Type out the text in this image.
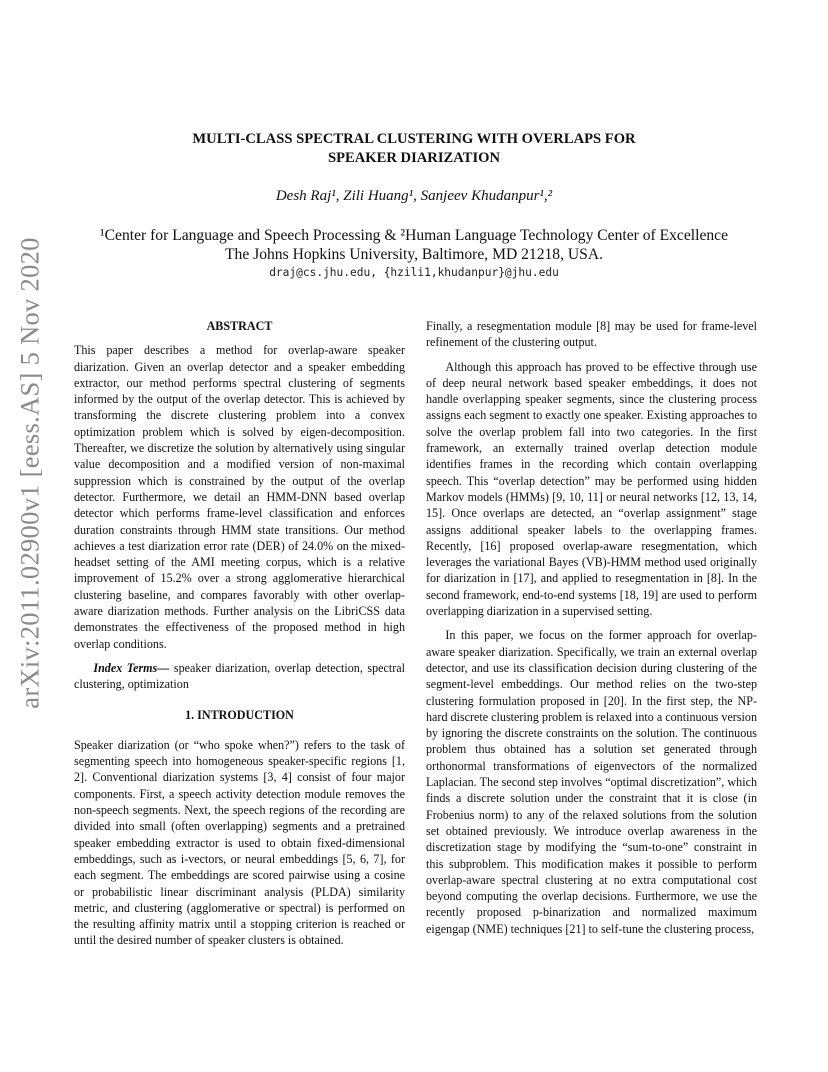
arXiv:2011.02900v1 [eess.AS] 5 Nov 2020
MULTI-CLASS SPECTRAL CLUSTERING WITH OVERLAPS FOR
SPEAKER DIARIZATION
Desh Raj¹, Zili Huang¹, Sanjeev Khudanpur¹,²
¹Center for Language and Speech Processing & ²Human Language Technology Center of Excellence
The Johns Hopkins University, Baltimore, MD 21218, USA.
draj@cs.jhu.edu, {hzili1,khudanpur}@jhu.edu
ABSTRACT

This paper describes a method for overlap-aware speaker diarization. Given an overlap detector and a speaker embedding extractor, our method performs spectral clustering of segments informed by the output of the overlap detector. This is achieved by transforming the discrete clustering problem into a convex optimization problem which is solved by eigen-decomposition. Thereafter, we discretize the solution by alternatively using singular value decomposition and a modified version of non-maximal suppression which is constrained by the output of the overlap detector. Furthermore, we detail an HMM-DNN based overlap detector which performs frame-level classification and enforces duration constraints through HMM state transitions. Our method achieves a test diarization error rate (DER) of 24.0% on the mixed-headset setting of the AMI meeting corpus, which is a relative improvement of 15.2% over a strong agglomerative hierarchical clustering baseline, and compares favorably with other overlap-aware diarization methods. Further analysis on the LibriCSS data demonstrates the effectiveness of the proposed method in high overlap conditions.

Index Terms— speaker diarization, overlap detection, spectral clustering, optimization

1. INTRODUCTION

Speaker diarization (or “who spoke when?”) refers to the task of segmenting speech into homogeneous speaker-specific regions [1, 2]. Conventional diarization systems [3, 4] consist of four major components. First, a speech activity detection module removes the non-speech segments. Next, the speech regions of the recording are divided into small (often overlapping) segments and a pretrained speaker embedding extractor is used to obtain fixed-dimensional embeddings, such as i-vectors, or neural embeddings [5, 6, 7], for each segment. The embeddings are scored pairwise using a cosine or probabilistic linear discriminant analysis (PLDA) similarity metric, and clustering (agglomerative or spectral) is performed on the resulting affinity matrix until a stopping criterion is reached or until the desired number of speaker clusters is obtained.

Finally, a resegmentation module [8] may be used for frame-level refinement of the clustering output.

Although this approach has proved to be effective through use of deep neural network based speaker embeddings, it does not handle overlapping speaker segments, since the clustering process assigns each segment to exactly one speaker. Existing approaches to solve the overlap problem fall into two categories. In the first framework, an externally trained overlap detection module identifies frames in the recording which contain overlapping speech. This “overlap detection” may be performed using hidden Markov models (HMMs) [9, 10, 11] or neural networks [12, 13, 14, 15]. Once overlaps are detected, an “overlap assignment” stage assigns additional speaker labels to the overlapping frames. Recently, [16] proposed overlap-aware resegmentation, which leverages the variational Bayes (VB)-HMM method used originally for diarization in [17], and applied to resegmentation in [8]. In the second framework, end-to-end systems [18, 19] are used to perform overlapping diarization in a supervised setting.

In this paper, we focus on the former approach for overlap-aware speaker diarization. Specifically, we train an external overlap detector, and use its classification decision during clustering of the segment-level embeddings. Our method relies on the two-step clustering formulation proposed in [20]. In the first step, the NP-hard discrete clustering problem is relaxed into a continuous version by ignoring the discrete constraints on the solution. The continuous problem thus obtained has a solution set generated through orthonormal transformations of eigenvectors of the normalized Laplacian. The second step involves “optimal discretization”, which finds a discrete solution under the constraint that it is close (in Frobenius norm) to any of the relaxed solutions from the solution set obtained previously. We introduce overlap awareness in the discretization stage by modifying the “sum-to-one” constraint in this subproblem. This modification makes it possible to perform overlap-aware spectral clustering at no extra computational cost beyond computing the overlap decisions. Furthermore, we use the recently proposed p-binarization and normalized maximum eigengap (NME) techniques [21] to self-tune the clustering process,
